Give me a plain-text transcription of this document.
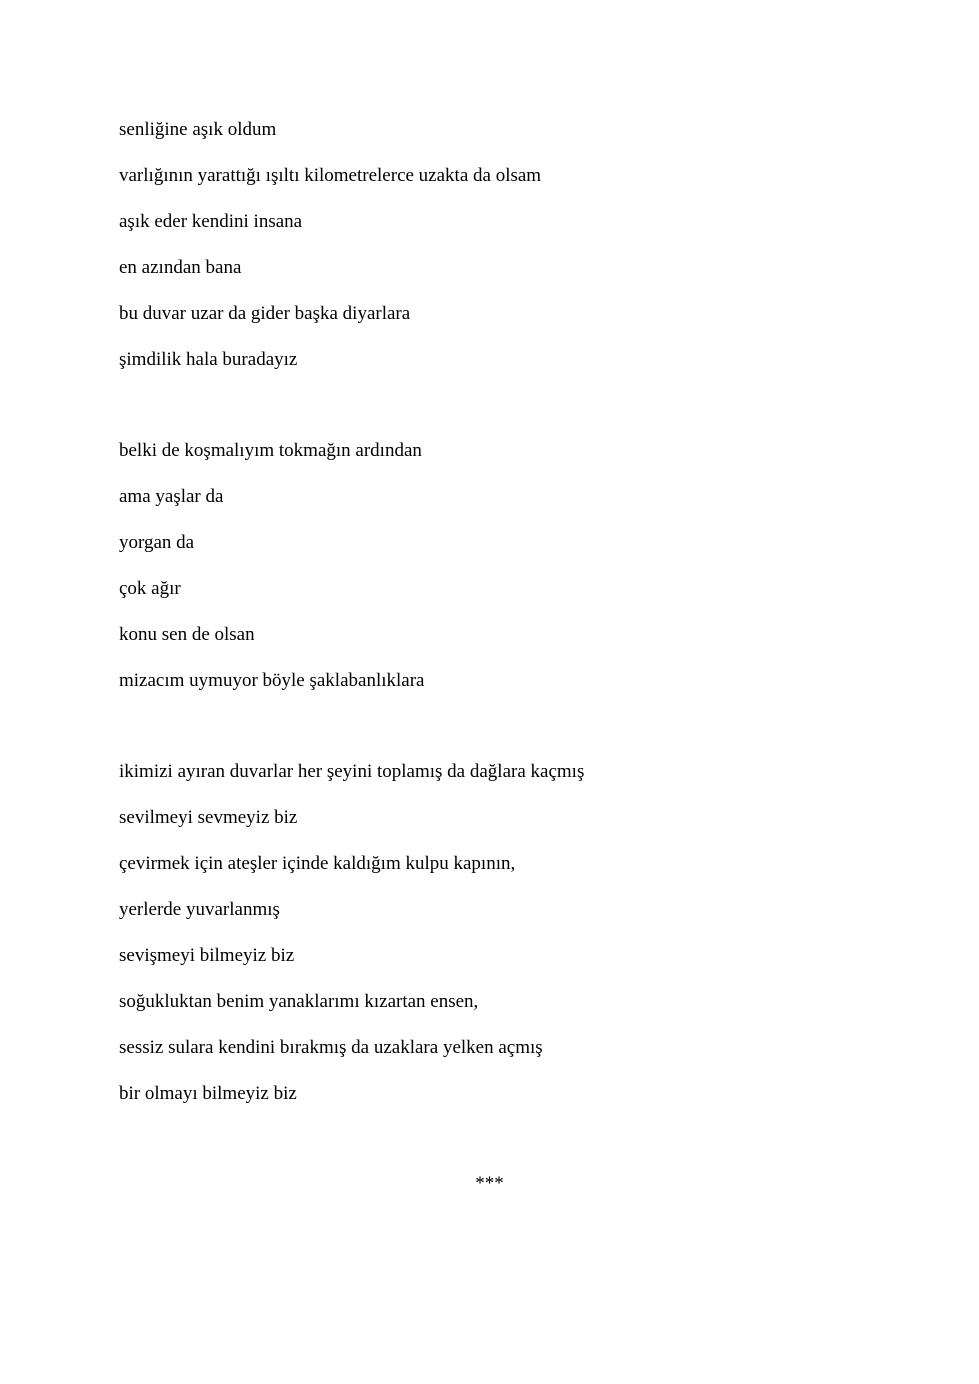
senliğine aşık oldum
varlığının yarattığı ışıltı kilometrelerce uzakta da olsam
aşık eder kendini insana
en azından bana
bu duvar uzar da gider başka diyarlara
şimdilik hala buradayız
belki de koşmalıyım tokmağın ardından
ama yaşlar da
yorgan da
çok ağır
konu sen de olsan
mizacım uymuyor böyle şaklabanlıklara
ikimizi ayıran duvarlar her şeyini toplamış da dağlara kaçmış
sevilmeyi sevmeyiz biz
çevirmek için ateşler içinde kaldığım kulpu kapının,
yerlerde yuvarlanmış
sevişmeyi bilmeyiz biz
soğukluktan benim yanaklarımı kızartan ensen,
sessiz sulara kendini bırakmış da uzaklara yelken açmış
bir olmayı bilmeyiz biz
***
